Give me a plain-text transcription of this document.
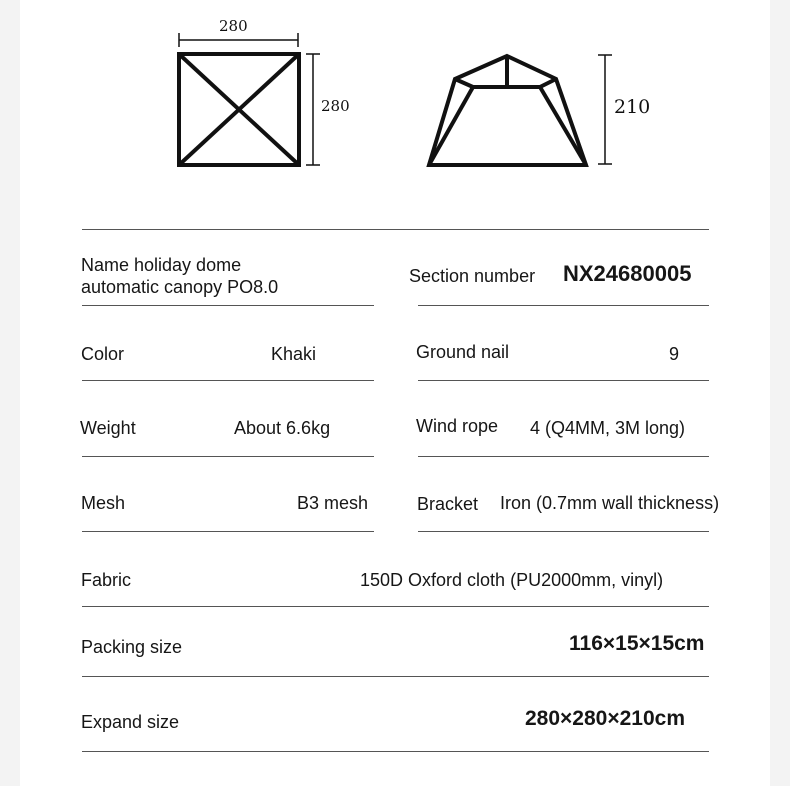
280
280	210
Name holiday dome
automatic canopy PO8.0
Section number NX24680005
Color	Khaki	Ground nail	9
Weight	About 6.6kg	Wind rope 4 (Q4MM, 3M long)
Mesh	B3 mesh	Bracket Iron (0.7mm wall thickness)
Fabric	150D Oxford cloth (PU2000mm, vinyl)
Packing size	116×15×15cm
Expand size	280×280×210cm
